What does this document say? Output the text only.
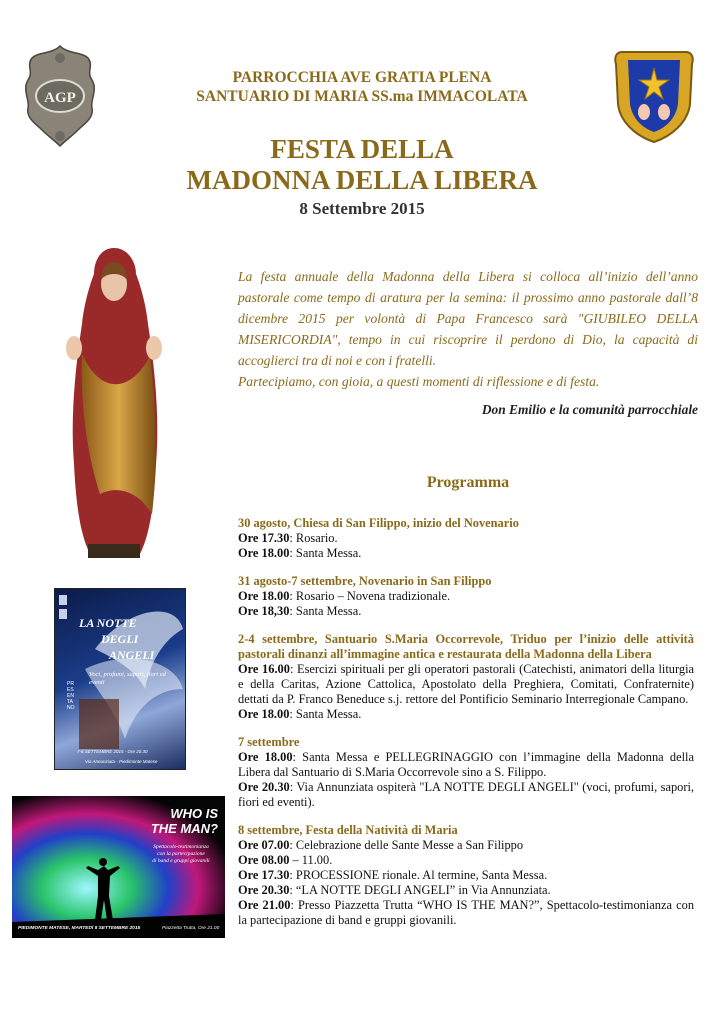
AGP
PARROCCHIA AVE GRATIA PLENA
SANTUARIO DI MARIA SS.ma IMMACOLATA
FESTA DELLA
MADONNA DELLA LIBERA
8 Settembre 2015

La festa annuale della Madonna della Libera si colloca all’inizio dell’anno pastorale come tempo di aratura per la semina: il prossimo anno pastorale dall’8 dicembre 2015 per volontà di Papa Francesco sarà "GIUBILEO DELLA MISERICORDIA", tempo in cui riscoprire il perdono di Dio, la capacità di accoglierci tra di noi e con i fratelli.

Partecipiamo, con gioia, a questi momenti di riflessione e di festa.

Don Emilio e la comunità parrocchiale
Programma
30 agosto, Chiesa di San Filippo, inizio del Novenario
Ore 17.30: Rosario.
Ore 18.00: Santa Messa.
31 agosto-7 settembre, Novenario in San Filippo
Ore 18.00: Rosario – Novena tradizionale.
Ore 18,30: Santa Messa.
2-4 settembre, Santuario S.Maria Occorrevole, Triduo per l’inizio delle attività pastorali dinanzi all’immagine antica e restaurata della Madonna della Libera
Ore 16.00: Esercizi spirituali per gli operatori pastorali (Catechisti, animatori della liturgia e della Caritas, Azione Cattolica, Apostolato della Preghiera, Comitati, Confraternite) dettati da P. Franco Beneduce s.j. rettore del Pontificio Seminario Interregionale Campano.
Ore 18.00: Santa Messa.
7 settembre
Ore 18.00: Santa Messa e PELLEGRINAGGIO con l’immagine della Madonna della Libera dal Santuario di S.Maria Occorrevole sino a S. Filippo.
Ore 20.30: Via Annunziata ospiterà "LA NOTTE DEGLI ANGELI" (voci, profumi, sapori, fiori ed eventi).
8 settembre, Festa della Natività di Maria
Ore 07.00: Celebrazione delle Sante Messe a San Filippo
Ore 08.00 – 11.00.
Ore 17.30: PROCESSIONE rionale. Al termine, Santa Messa.
Ore 20.30: “LA NOTTE DEGLI ANGELI” in Via Annunziata.
Ore 21.00: Presso Piazzetta Trutta “WHO IS THE MAN?”, Spettacolo-testimonianza con la partecipazione di band e gruppi giovanili.
LA NOTTE
DEGLI
ANGELI
Voci, profumi, sapori, fiori ed eventi
PRESENTANO
7-8 SETTEMBRE 2015 - Ore 20.30
Via Annunziata - Piedimonte Matese
WHO IS
THE MAN?
Spettacolo-testimonianza
con la partecipazione
di band e gruppi giovanili
PIEDIMONTE MATESE, MARTEDÌ 8 SETTEMBRE 2015	Piazzetta Trutta, Ore 21.00
